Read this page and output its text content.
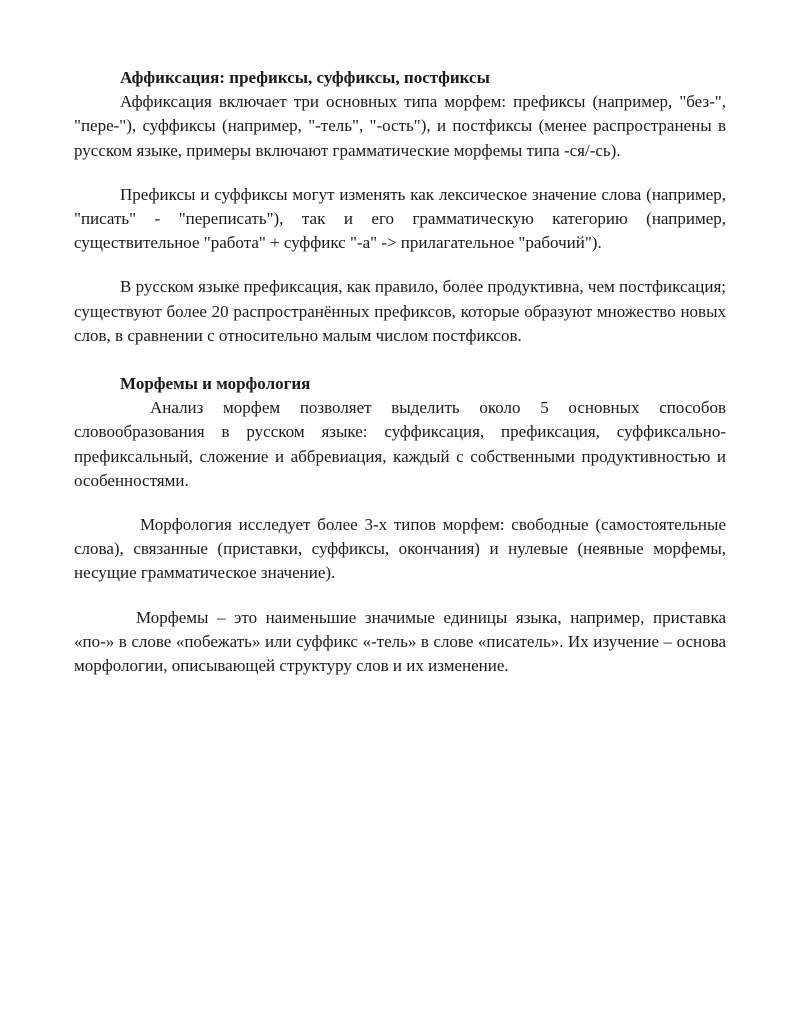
Аффиксация: префиксы, суффиксы, постфиксы

Аффиксация включает три основных типа морфем: префиксы (например, "без-", "пере-"), суффиксы (например, "-тель", "-ость"), и постфиксы (менее распространены в русском языке, примеры включают грамматические морфемы типа -ся/-сь).

Префиксы и суффиксы могут изменять как лексическое значение слова (например, "писать" - "переписать"), так и его грамматическую категорию (например, существительное "работа" + суффикс "-а" -> прилагательное "рабочий").

В русском языке префиксация, как правило, более продуктивна, чем постфиксация; существуют более 20 распространённых префиксов, которые образуют множество новых слов, в сравнении с относительно малым числом постфиксов.

Морфемы и морфология

Анализ морфем позволяет выделить около 5 основных способов словообразования в русском языке: суффиксация, префиксация, суффиксально-префиксальный, сложение и аббревиация, каждый с собственными продуктивностью и особенностями.

Морфология исследует более 3-х типов морфем: свободные (самостоятельные слова), связанные (приставки, суффиксы, окончания) и нулевые (неявные морфемы, несущие грамматическое значение).

Морфемы – это наименьшие значимые единицы языка, например, приставка «по-» в слове «побежать» или суффикс «-тель» в слове «писатель». Их изучение – основа морфологии, описывающей структуру слов и их изменение.
